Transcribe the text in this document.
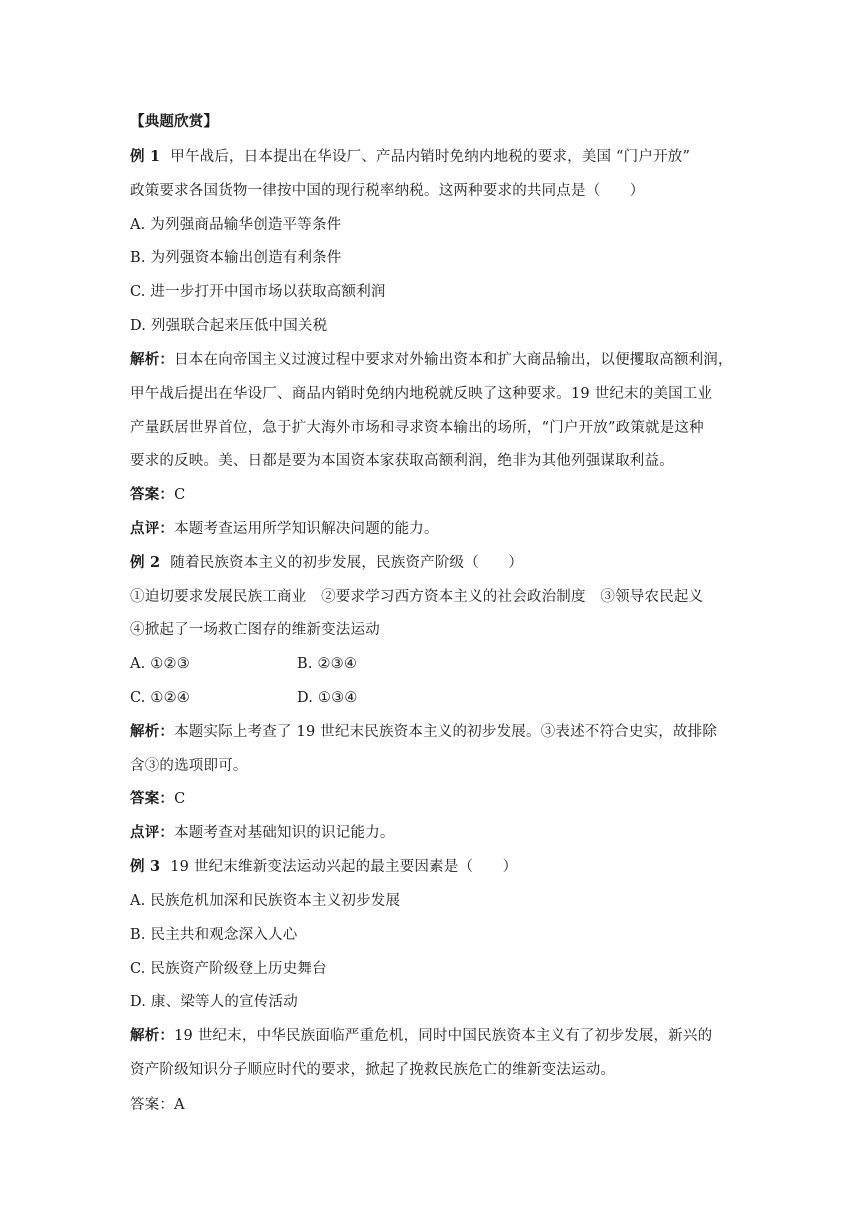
【典题欣赏】
例 1 甲午战后，日本提出在华设厂、产品内销时免纳内地税的要求，美国 “门户开放”
政策要求各国货物一律按中国的现行税率纳税。这两种要求的共同点是（　　）
A. 为列强商品输华创造平等条件
B. 为列强资本输出创造有利条件
C. 进一步打开中国市场以获取高额利润
D. 列强联合起来压低中国关税
解析：日本在向帝国主义过渡过程中要求对外输出资本和扩大商品输出，以便攫取高额利润，
甲午战后提出在华设厂、商品内销时免纳内地税就反映了这种要求。19 世纪末的美国工业
产量跃居世界首位，急于扩大海外市场和寻求资本输出的场所，“门户开放”政策就是这种
要求的反映。美、日都是要为本国资本家获取高额利润，绝非为其他列强谋取利益。
答案：C
点评：本题考查运用所学知识解决问题的能力。
例 2 随着民族资本主义的初步发展，民族资产阶级（　　）
①迫切要求发展民族工商业　②要求学习西方资本主义的社会政治制度　③领导农民起义
④掀起了一场救亡图存的维新变法运动
A. ①②③	B. ②③④
C. ①②④	D. ①③④
解析：本题实际上考查了 19 世纪末民族资本主义的初步发展。③表述不符合史实，故排除
含③的选项即可。
答案：C
点评：本题考查对基础知识的识记能力。
例 3 19 世纪末维新变法运动兴起的最主要因素是（　　）
A. 民族危机加深和民族资本主义初步发展
B. 民主共和观念深入人心
C. 民族资产阶级登上历史舞台
D. 康、梁等人的宣传活动
解析：19 世纪末，中华民族面临严重危机，同时中国民族资本主义有了初步发展，新兴的
资产阶级知识分子顺应时代的要求，掀起了挽救民族危亡的维新变法运动。
答案：A
